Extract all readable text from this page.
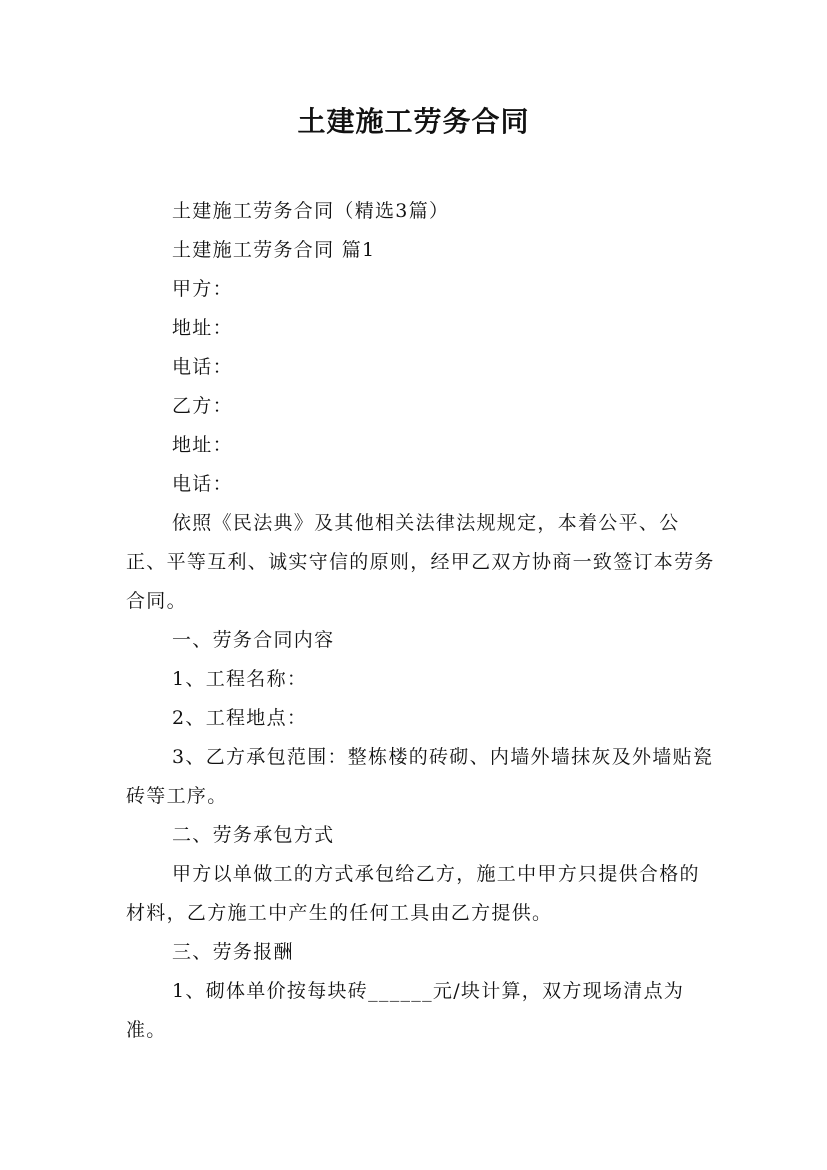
土建施工劳务合同

土建施工劳务合同（精选3篇）

土建施工劳务合同 篇1

甲方：

地址：

电话：

乙方：

地址：

电话：

依照《民法典》及其他相关法律法规规定，本着公平、公正、平等互利、诚实守信的原则，经甲乙双方协商一致签订本劳务合同。

一、劳务合同内容

1、工程名称：

2、工程地点：

3、乙方承包范围：整栋楼的砖砌、内墙外墙抹灰及外墙贴瓷砖等工序。

二、劳务承包方式

甲方以单做工的方式承包给乙方，施工中甲方只提供合格的材料，乙方施工中产生的任何工具由乙方提供。

三、劳务报酬

1、砌体单价按每块砖______元/块计算，双方现场清点为准。
